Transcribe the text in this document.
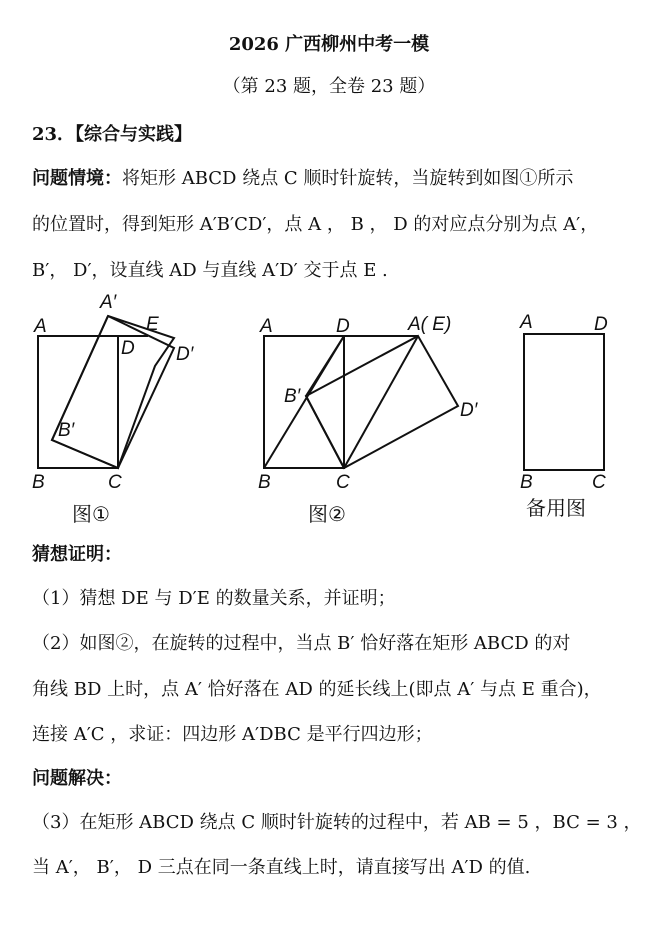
2026 广西柳州中考一模
（第 23 题，全卷 23 题）
23．【综合与实践】
问题情境：将矩形 ABCD 绕点 C 顺时针旋转，当旋转到如图①所示
的位置时，得到矩形 A′B′CD′，点 A ， B ， D 的对应点分别为点 A′，
B′， D′，设直线 AD 与直线 A′D′ 交于点 E .
A
A′
E
D D′
B′
B	C
A	D	A( E)
B′
D′
B	C
A	D
B	C
图①	图②	备用图
猜想证明：
（1）猜想 DE 与 D′E 的数量关系，并证明；
（2）如图②，在旋转的过程中，当点 B′ 恰好落在矩形 ABCD 的对
角线 BD 上时，点 A′ 恰好落在 AD 的延长线上(即点 A′ 与点 E 重合)，
连接 A′C ，求证：四边形 A′DBC 是平行四边形；
问题解决：
（3）在矩形 ABCD 绕点 C 顺时针旋转的过程中，若 AB = 5 ，BC = 3 ，
当 A′， B′， D 三点在同一条直线上时，请直接写出 A′D 的值.
